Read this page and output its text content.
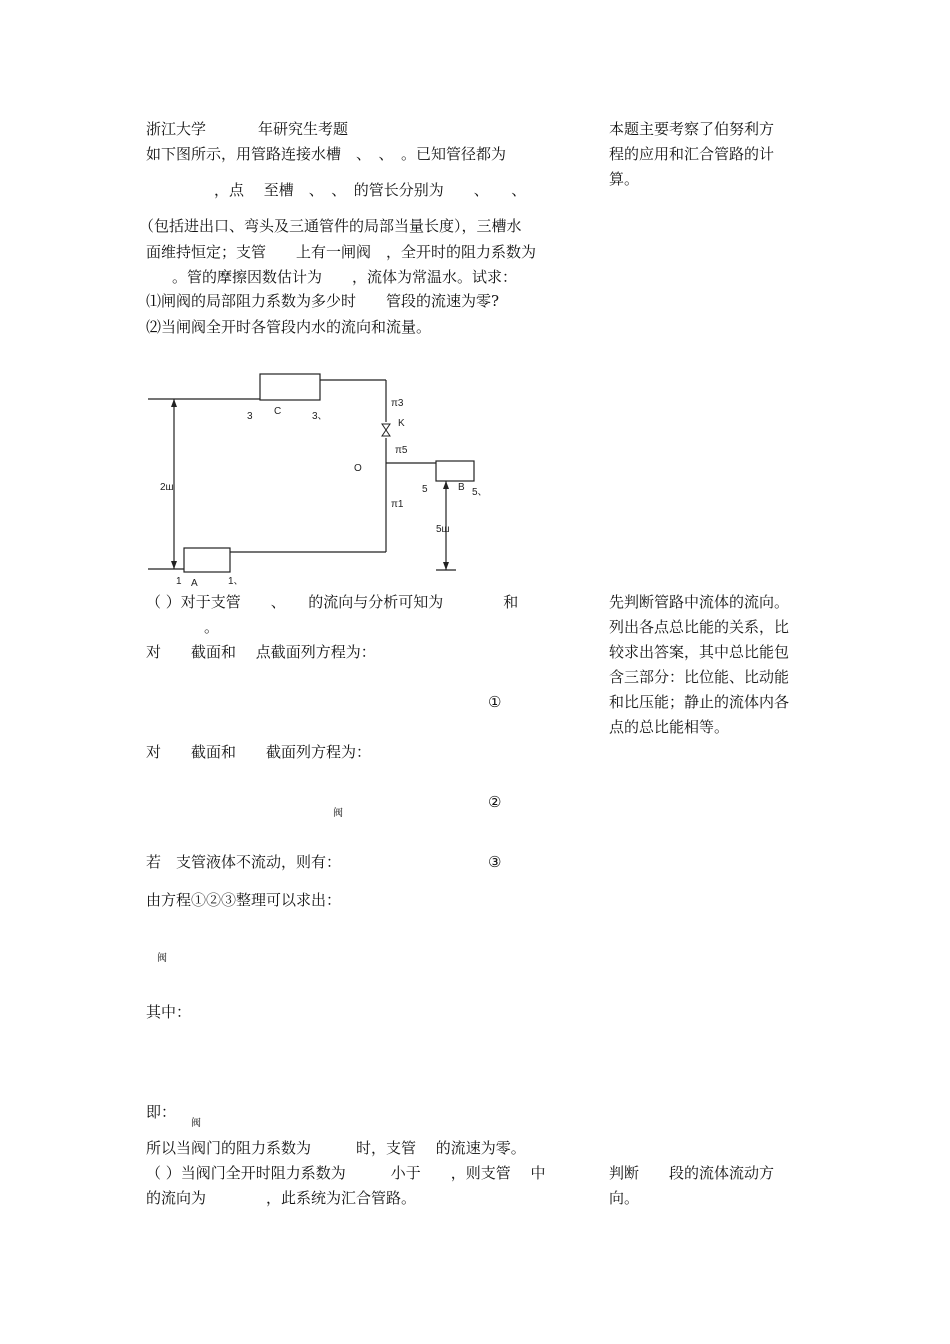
浙江大学	年研究生考题
如下图所示，用管路连接水槽　、　、　。已知管径都为
，点　 至槽　、　、　的管长分别为　　、　　、
（包括进出口、弯头及三通管件的局部当量长度），三槽水
面维持恒定；支管　　上有一闸阀　，全开时的阻力系数为
。管的摩擦因数估计为　　，流体为常温水。试求：
⑴闸阀的局部阻力系数为多少时　　管段的流速为零?
⑵当闸阀全开时各管段内水的流向和流量。
本题主要考察了伯努利方
程的应用和汇合管路的计
算。
3 C	3、
π3
K
π5
O
5	B 5、
π1
2ш
5ш
1 A	1、
（ ）对于支管　　、　　的流向与分析可知为　　　　和
。
对　　截面和　 点截面列方程为：
①
对　　截面和　　截面列方程为：
②
阀
若　支管液体不流动，则有：	③
由方程①②③整理可以求出：
阀
其中：
即：
阀
所以当阀门的阻力系数为　　　时，支管　 的流速为零。
（ ）当阀门全开时阻力系数为　　　小于　　，则支管　 中
的流向为　　　　，此系统为汇合管路。
先判断管路中流体的流向。
列出各点总比能的关系，比
较求出答案，其中总比能包
含三部分：比位能、比动能
和比压能；静止的流体内各
点的总比能相等。
判断　　段的流体流动方
向。
